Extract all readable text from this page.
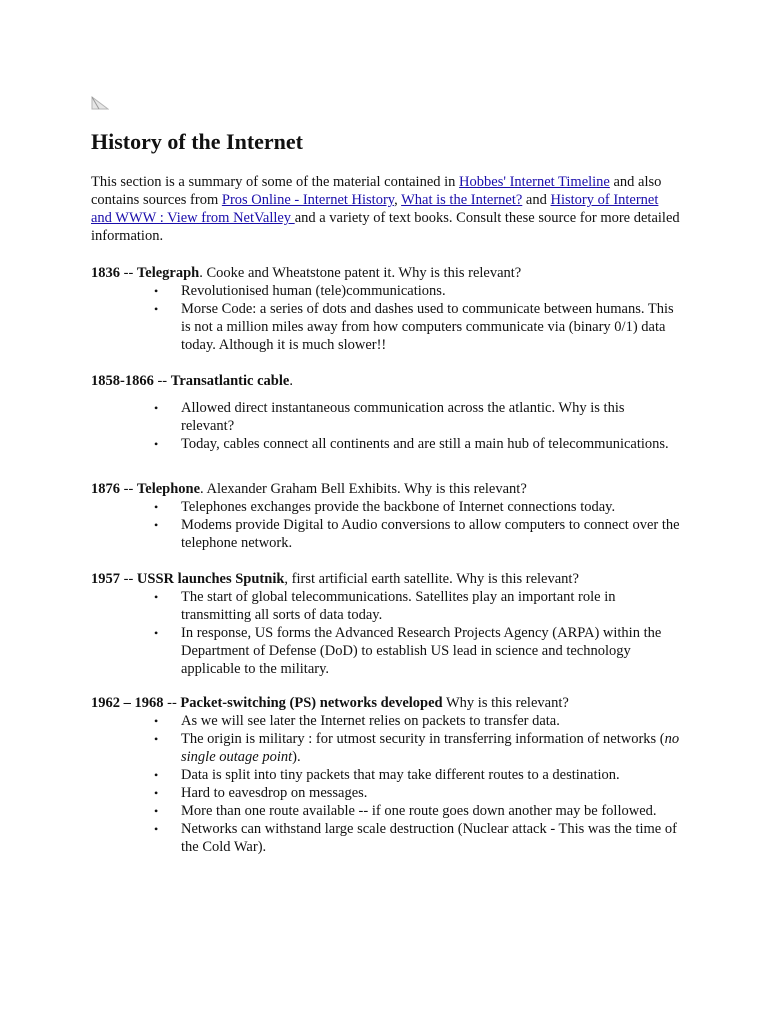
History of the Internet

This section is a summary of some of the material contained in Hobbes' Internet Timeline and also contains sources from Pros Online - Internet History, What is the Internet? and History of Internet and WWW : View from NetValley and a variety of text books. Consult these source for more detailed information.

1836 -- Telegraph. Cooke and Wheatstone patent it. Why is this relevant?

• Revolutionised human (tele)communications.
• Morse Code: a series of dots and dashes used to communicate between humans. This is not a million miles away from how computers communicate via (binary 0/1) data today. Although it is much slower!!

1858-1866 -- Transatlantic cable.

• Allowed direct instantaneous communication across the atlantic. Why is this relevant?
• Today, cables connect all continents and are still a main hub of telecommunications.

1876 -- Telephone. Alexander Graham Bell Exhibits. Why is this relevant?

• Telephones exchanges provide the backbone of Internet connections today.
• Modems provide Digital to Audio conversions to allow computers to connect over the telephone network.

1957 -- USSR launches Sputnik, first artificial earth satellite. Why is this relevant?

• The start of global telecommunications. Satellites play an important role in transmitting all sorts of data today.
• In response, US forms the Advanced Research Projects Agency (ARPA) within the Department of Defense (DoD) to establish US lead in science and technology applicable to the military.

1962 – 1968 -- Packet-switching (PS) networks developed Why is this relevant?

• As we will see later the Internet relies on packets to transfer data.
• The origin is military : for utmost security in transferring information of networks (no single outage point).
• Data is split into tiny packets that may take different routes to a destination.
• Hard to eavesdrop on messages.
• More than one route available -- if one route goes down another may be followed.
• Networks can withstand large scale destruction (Nuclear attack - This was the time of the Cold War).
